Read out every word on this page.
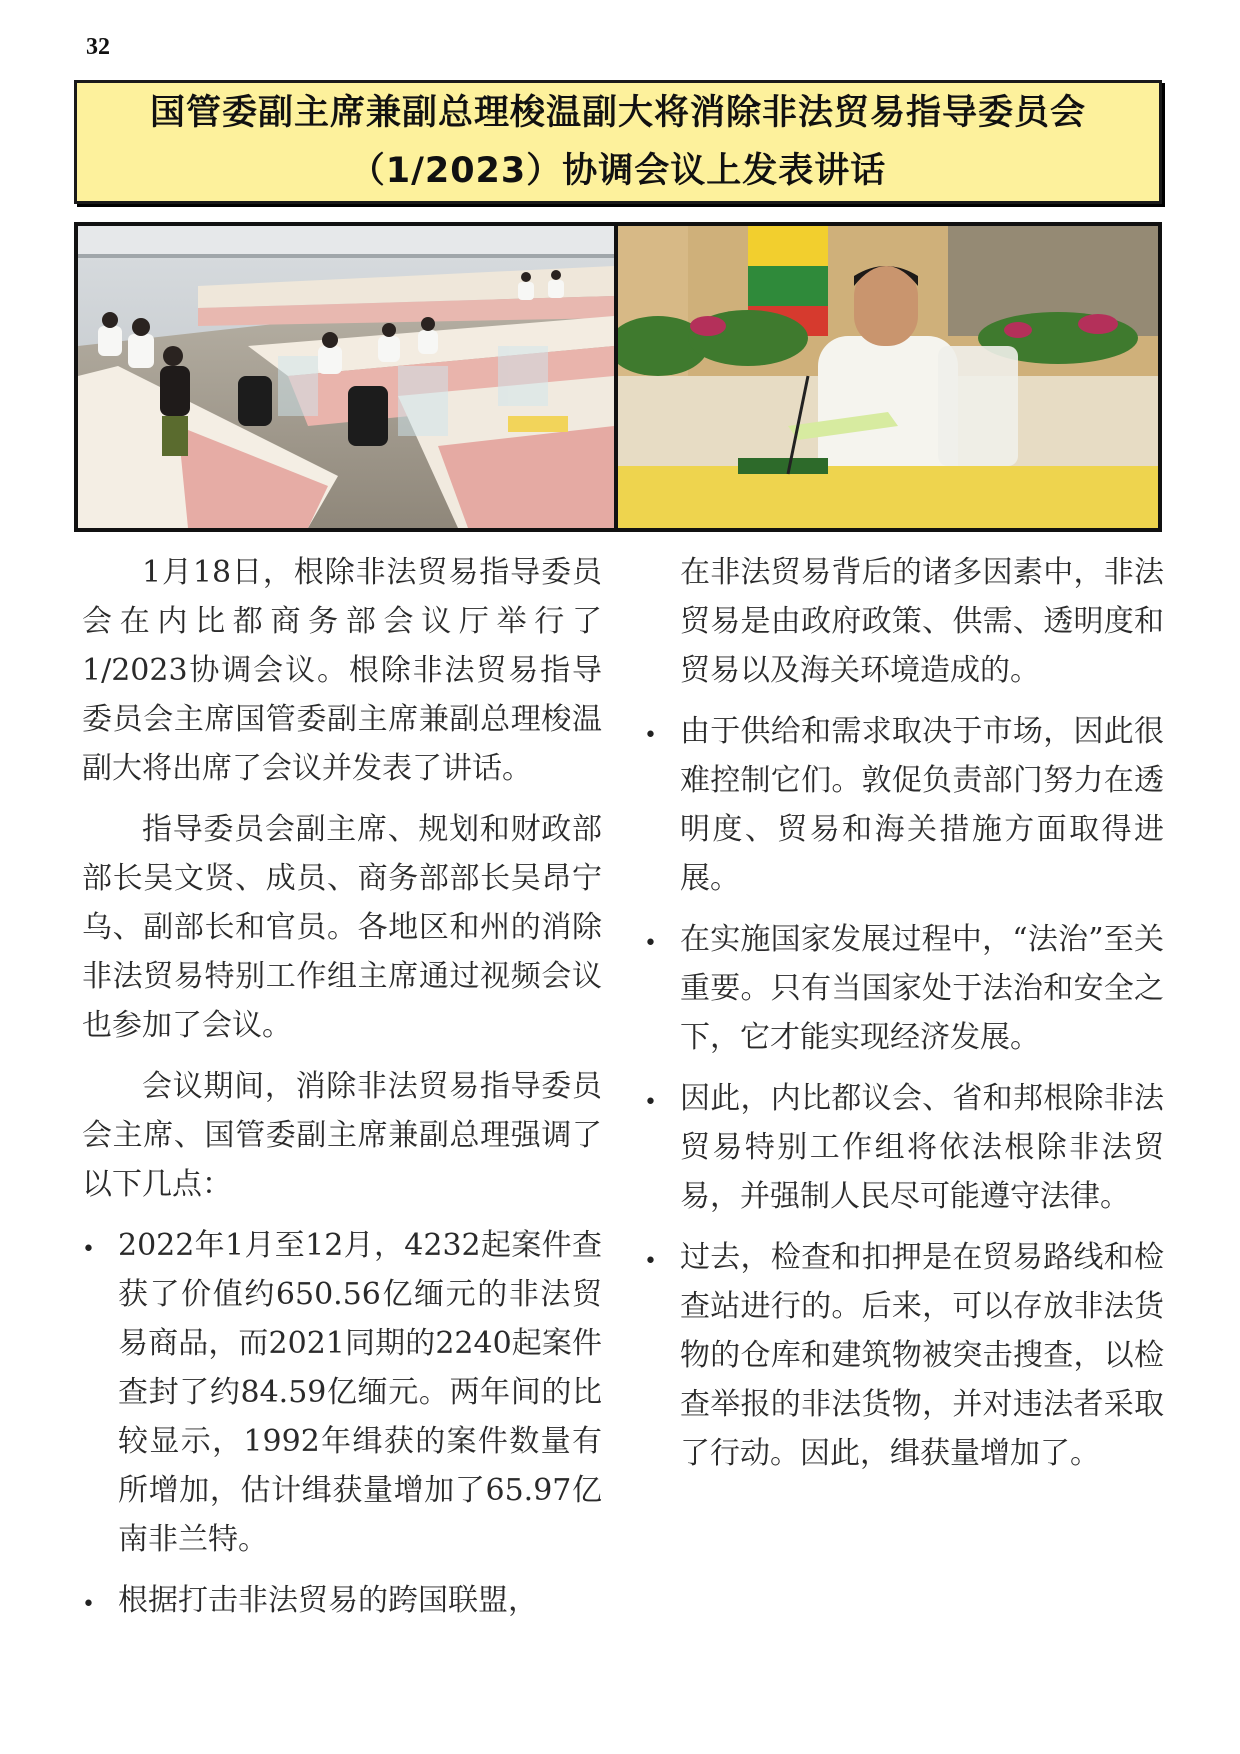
32
国管委副主席兼副总理梭温副大将消除非法贸易指导委员会
（1/2023）协调会议上发表讲话

1月18日，根除非法贸易指导委员会在内比都商务部会议厅举行了1/2023协调会议。根除非法贸易指导委员会主席国管委副主席兼副总理梭温副大将出席了会议并发表了讲话。

指导委员会副主席、规划和财政部部长吴文贤、成员、商务部部长吴昂宁乌、副部长和官员。各地区和州的消除非法贸易特别工作组主席通过视频会议也参加了会议。

会议期间，消除非法贸易指导委员会主席、国管委副主席兼副总理强调了以下几点：

• 2022年1月至12月，4232起案件查获了价值约650.56亿缅元的非法贸易商品，而2021同期的2240起案件查封了约84.59亿缅元。两年间的比较显示，1992年缉获的案件数量有所增加，估计缉获量增加了65.97亿南非兰特。
• 根据打击非法贸易的跨国联盟，

在非法贸易背后的诸多因素中，非法贸易是由政府政策、供需、透明度和贸易以及海关环境造成的。

• 由于供给和需求取决于市场，因此很难控制它们。敦促负责部门努力在透明度、贸易和海关措施方面取得进展。
• 在实施国家发展过程中，“法治”至关重要。只有当国家处于法治和安全之下，它才能实现经济发展。
• 因此，内比都议会、省和邦根除非法贸易特别工作组将依法根除非法贸易，并强制人民尽可能遵守法律。
• 过去，检查和扣押是在贸易路线和检查站进行的。后来，可以存放非法货物的仓库和建筑物被突击搜查，以检查举报的非法货物，并对违法者采取了行动。因此，缉获量增加了。
